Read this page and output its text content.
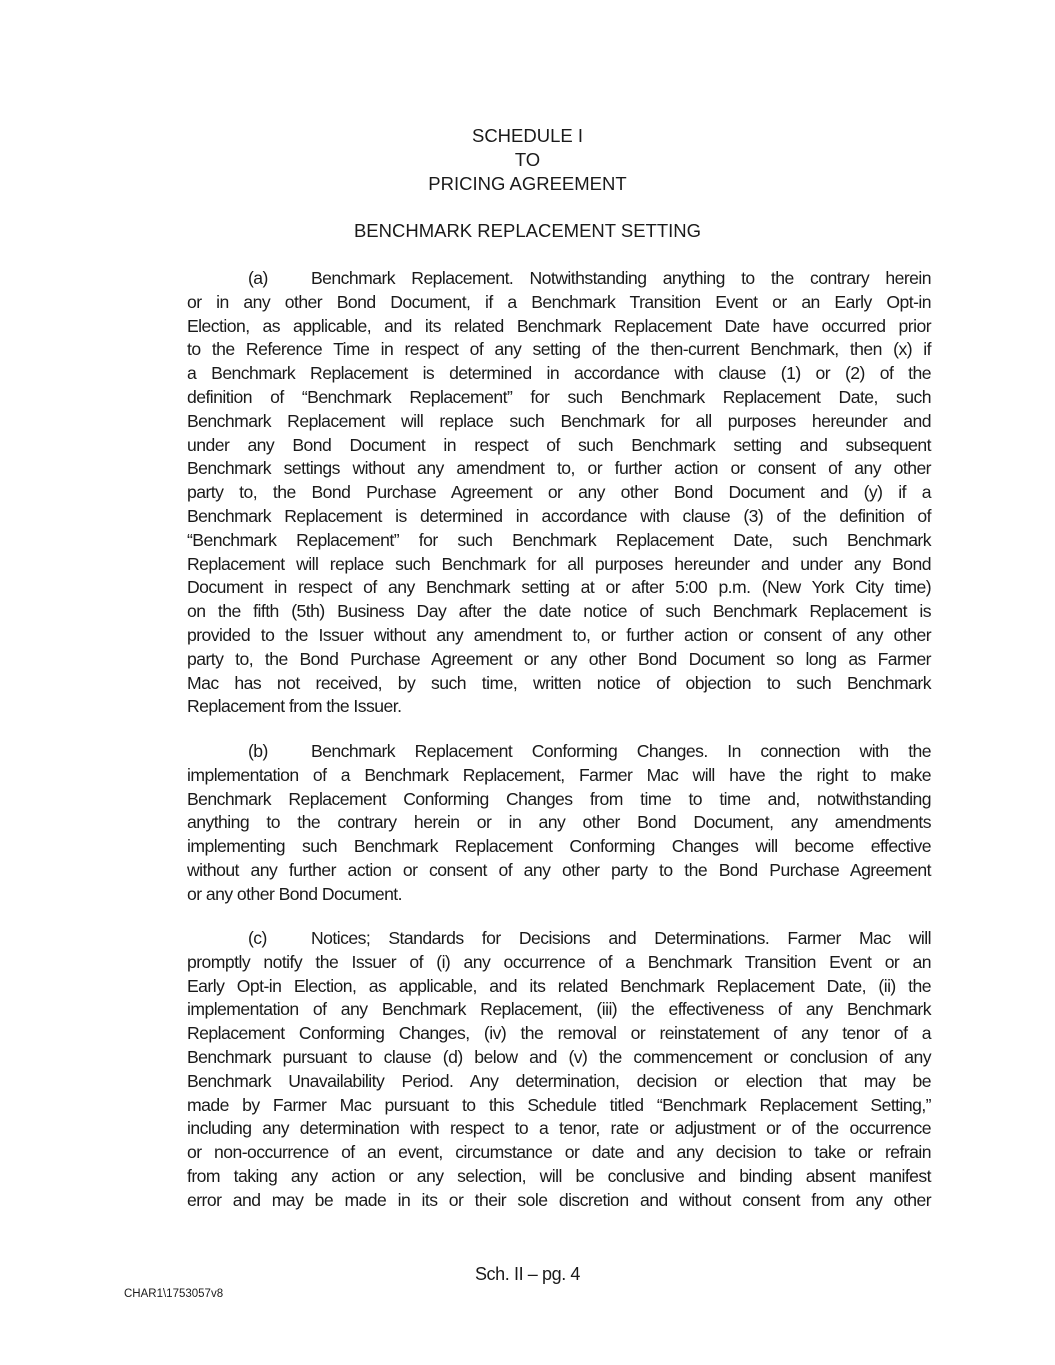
SCHEDULE I
TO
PRICING AGREEMENT
BENCHMARK REPLACEMENT SETTING
(a) Benchmark Replacement. Notwithstanding anything to the contrary herein
or in any other Bond Document, if a Benchmark Transition Event or an Early Opt-in
Election, as applicable, and its related Benchmark Replacement Date have occurred prior
to the Reference Time in respect of any setting of the then-current Benchmark, then (x) if
a Benchmark Replacement is determined in accordance with clause (1) or (2) of the
definition of “Benchmark Replacement” for such Benchmark Replacement Date, such
Benchmark Replacement will replace such Benchmark for all purposes hereunder and
under any Bond Document in respect of such Benchmark setting and subsequent
Benchmark settings without any amendment to, or further action or consent of any other
party to, the Bond Purchase Agreement or any other Bond Document and (y) if a
Benchmark Replacement is determined in accordance with clause (3) of the definition of
“Benchmark Replacement” for such Benchmark Replacement Date, such Benchmark
Replacement will replace such Benchmark for all purposes hereunder and under any Bond
Document in respect of any Benchmark setting at or after 5:00 p.m. (New York City time)
on the fifth (5th) Business Day after the date notice of such Benchmark Replacement is
provided to the Issuer without any amendment to, or further action or consent of any other
party to, the Bond Purchase Agreement or any other Bond Document so long as Farmer
Mac has not received, by such time, written notice of objection to such Benchmark
Replacement from the Issuer.
(b) Benchmark Replacement Conforming Changes. In connection with the
implementation of a Benchmark Replacement, Farmer Mac will have the right to make
Benchmark Replacement Conforming Changes from time to time and, notwithstanding
anything to the contrary herein or in any other Bond Document, any amendments
implementing such Benchmark Replacement Conforming Changes will become effective
without any further action or consent of any other party to the Bond Purchase Agreement
or any other Bond Document.
(c)	Notices; Standards for Decisions and Determinations. Farmer Mac will
promptly notify the Issuer of (i) any occurrence of a Benchmark Transition Event or an
Early Opt-in Election, as applicable, and its related Benchmark Replacement Date, (ii) the
implementation of any Benchmark Replacement, (iii) the effectiveness of any Benchmark
Replacement Conforming Changes, (iv) the removal or reinstatement of any tenor of a
Benchmark pursuant to clause (d) below and (v) the commencement or conclusion of any
Benchmark Unavailability Period. Any determination, decision or election that may be
made by Farmer Mac pursuant to this Schedule titled “Benchmark Replacement Setting,”
including any determination with respect to a tenor, rate or adjustment or of the occurrence
or non-occurrence of an event, circumstance or date and any decision to take or refrain
from taking any action or any selection, will be conclusive and binding absent manifest
error and may be made in its or their sole discretion and without consent from any other
Sch. II – pg. 4
CHAR1\1753057v8
